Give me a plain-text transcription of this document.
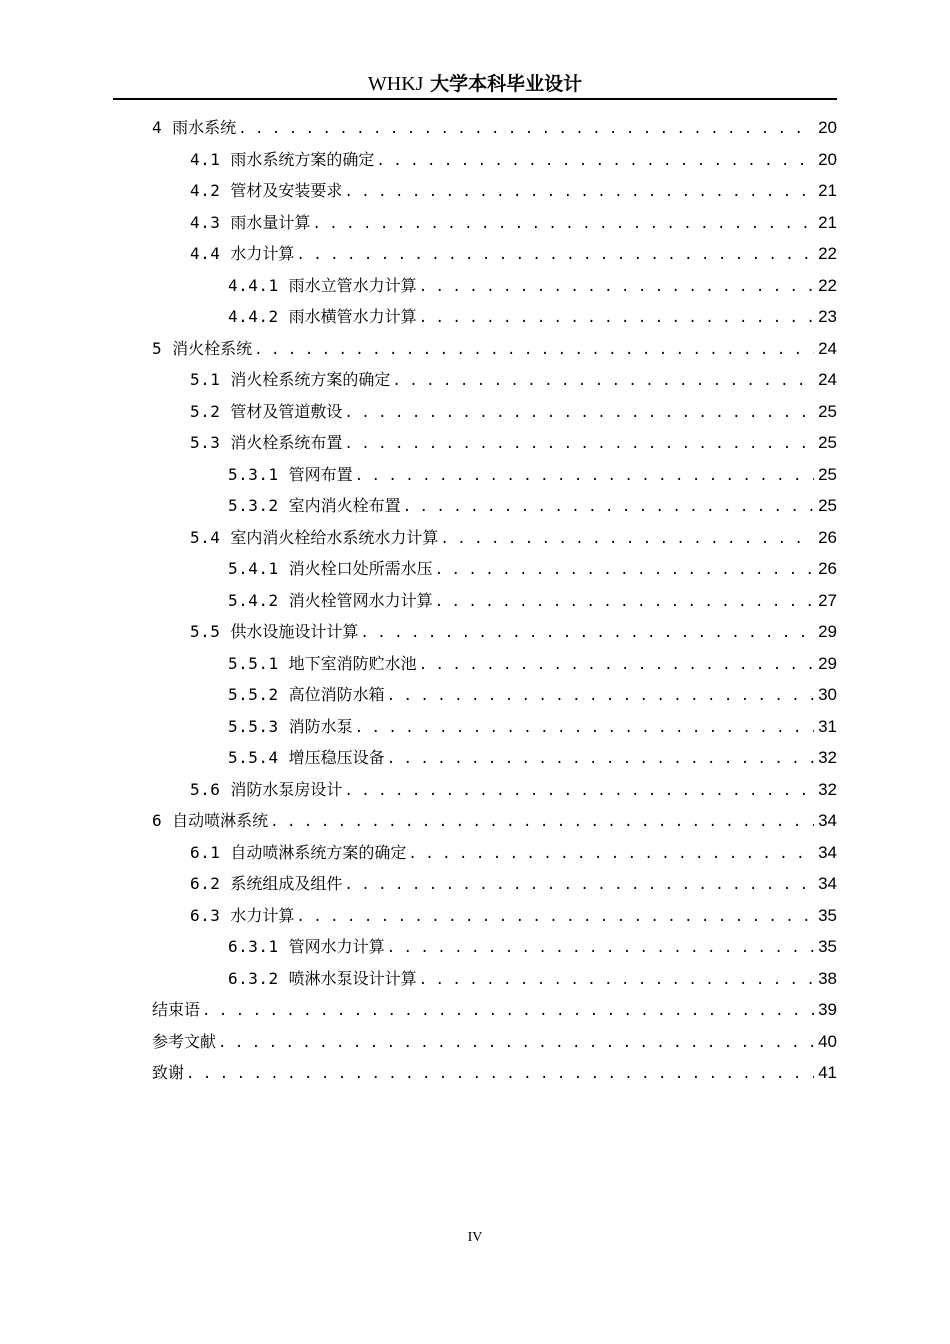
WHKJ 大学本科毕业设计
4 雨水系统 . . .	20
4.1 雨水系统方案的确定 . . .	20
4.2 管材及安装要求 . . .	21
4.3 雨水量计算 . . .	21
4.4 水力计算 . . .	22
4.4.1 雨水立管水力计算 . . .	22
4.4.2 雨水横管水力计算 . . .	23
5 消火栓系统 . . .	24
5.1 消火栓系统方案的确定 . . .	24
5.2 管材及管道敷设 . . .	25
5.3 消火栓系统布置 . . .	25
5.3.1 管网布置 . . .	25
5.3.2 室内消火栓布置 . . .	25
5.4 室内消火栓给水系统水力计算 . . .	26
5.4.1 消火栓口处所需水压 . . .	26
5.4.2 消火栓管网水力计算 . . .	27
5.5 供水设施设计计算 . . .	29
5.5.1 地下室消防贮水池 . . .	29
5.5.2 高位消防水箱 . . .	30
5.5.3 消防水泵 . . .	31
5.5.4 增压稳压设备 . . .	32
5.6 消防水泵房设计 . . .	32
6 自动喷淋系统 . . .	34
6.1 自动喷淋系统方案的确定 . . .	34
6.2 系统组成及组件 . . .	34
6.3 水力计算 . . .	35
6.3.1 管网水力计算 . . .	35
6.3.2 喷淋水泵设计计算 . . .	38
结束语 . . .	39
参考文献 . . .	40
致谢 . . .	41
IV
